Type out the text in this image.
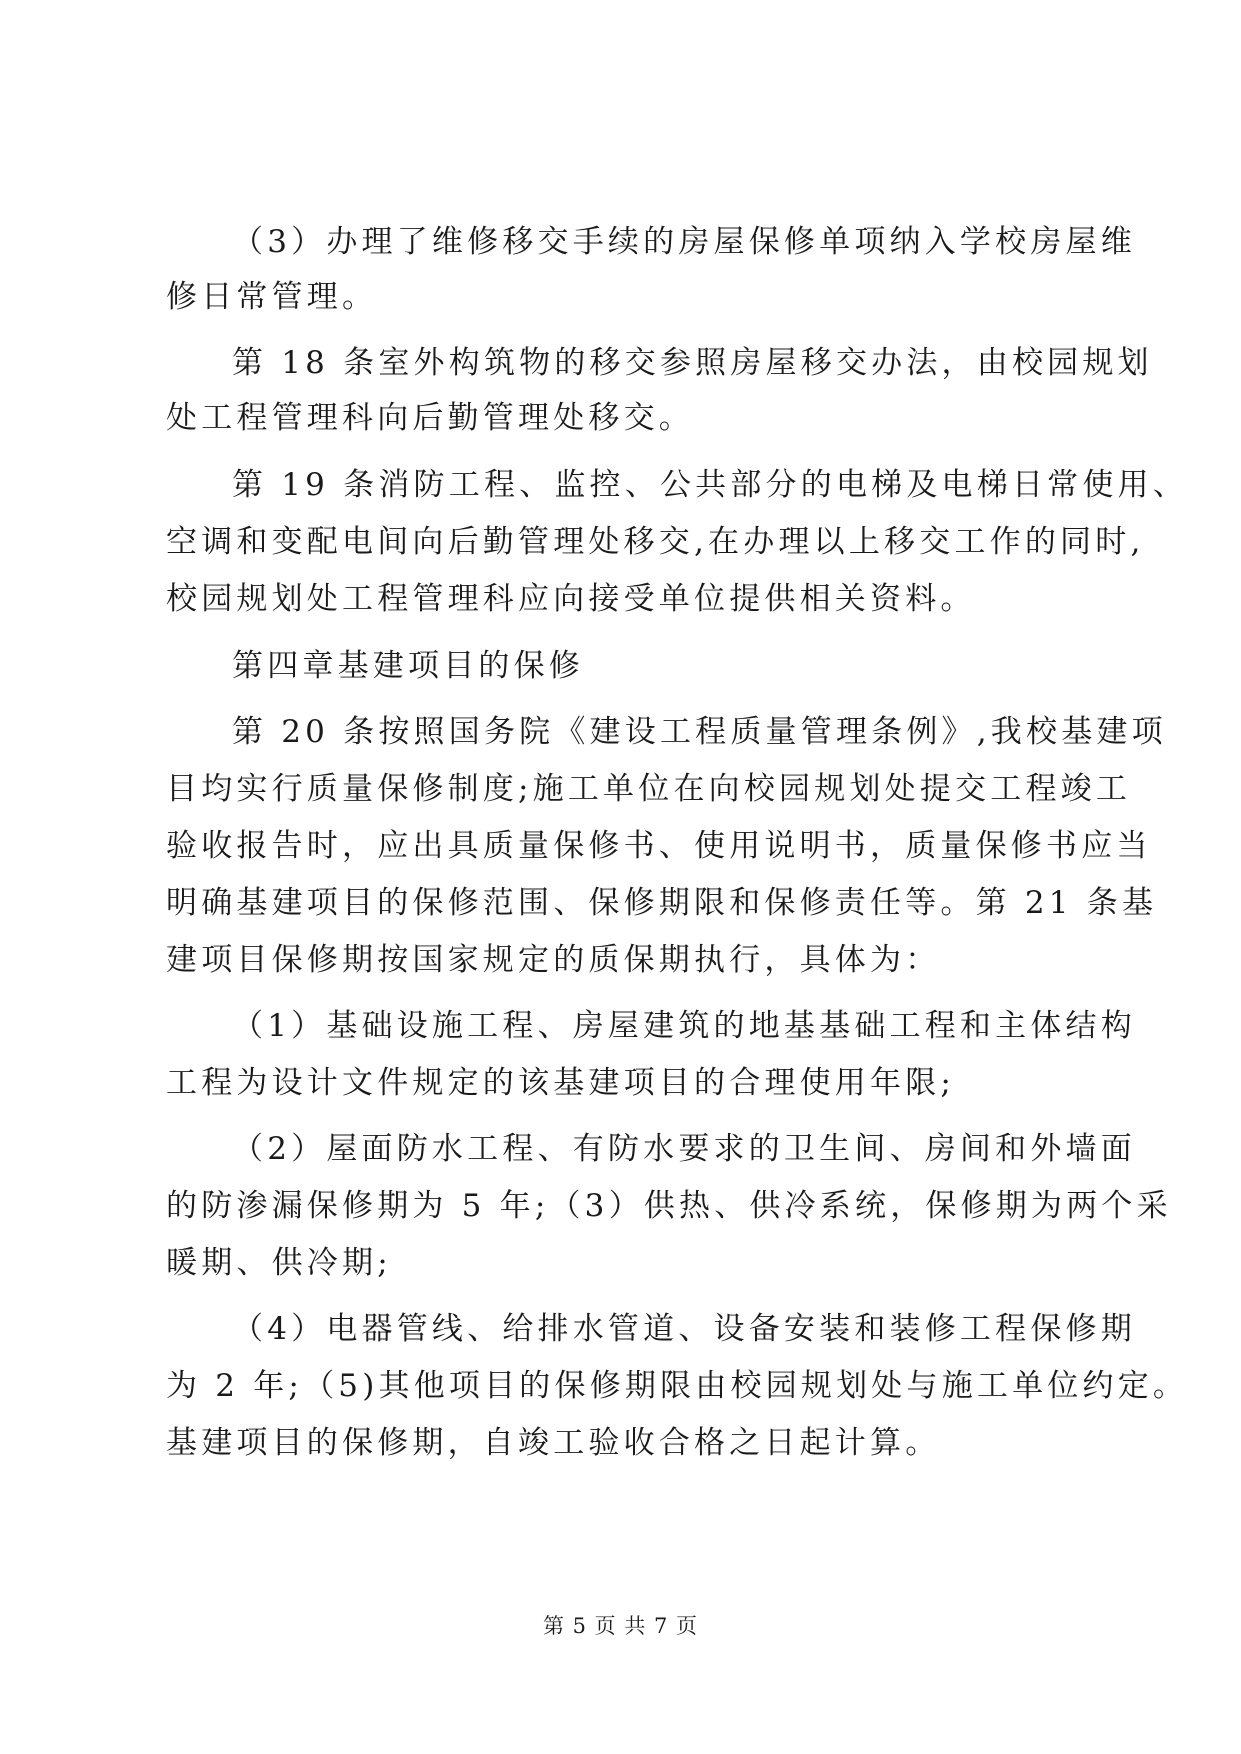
（3）办理了维修移交手续的房屋保修单项纳入学校房屋维
修日常管理。
第 18 条室外构筑物的移交参照房屋移交办法，由校园规划
处工程管理科向后勤管理处移交。
第 19 条消防工程、监控、公共部分的电梯及电梯日常使用、
空调和变配电间向后勤管理处移交,在办理以上移交工作的同时,
校园规划处工程管理科应向接受单位提供相关资料。
第四章基建项目的保修
第 20 条按照国务院《建设工程质量管理条例》,我校基建项
目均实行质量保修制度;施工单位在向校园规划处提交工程竣工
验收报告时，应出具质量保修书、使用说明书，质量保修书应当
明确基建项目的保修范围、保修期限和保修责任等。第 21 条基
建项目保修期按国家规定的质保期执行，具体为：
（1）基础设施工程、房屋建筑的地基基础工程和主体结构
工程为设计文件规定的该基建项目的合理使用年限;
（2）屋面防水工程、有防水要求的卫生间、房间和外墙面
的防渗漏保修期为 5 年;（3）供热、供冷系统，保修期为两个采
暖期、供冷期;
（4）电器管线、给排水管道、设备安装和装修工程保修期
为 2 年;（5)其他项目的保修期限由校园规划处与施工单位约定。
基建项目的保修期，自竣工验收合格之日起计算。
第 5 页 共 7 页
